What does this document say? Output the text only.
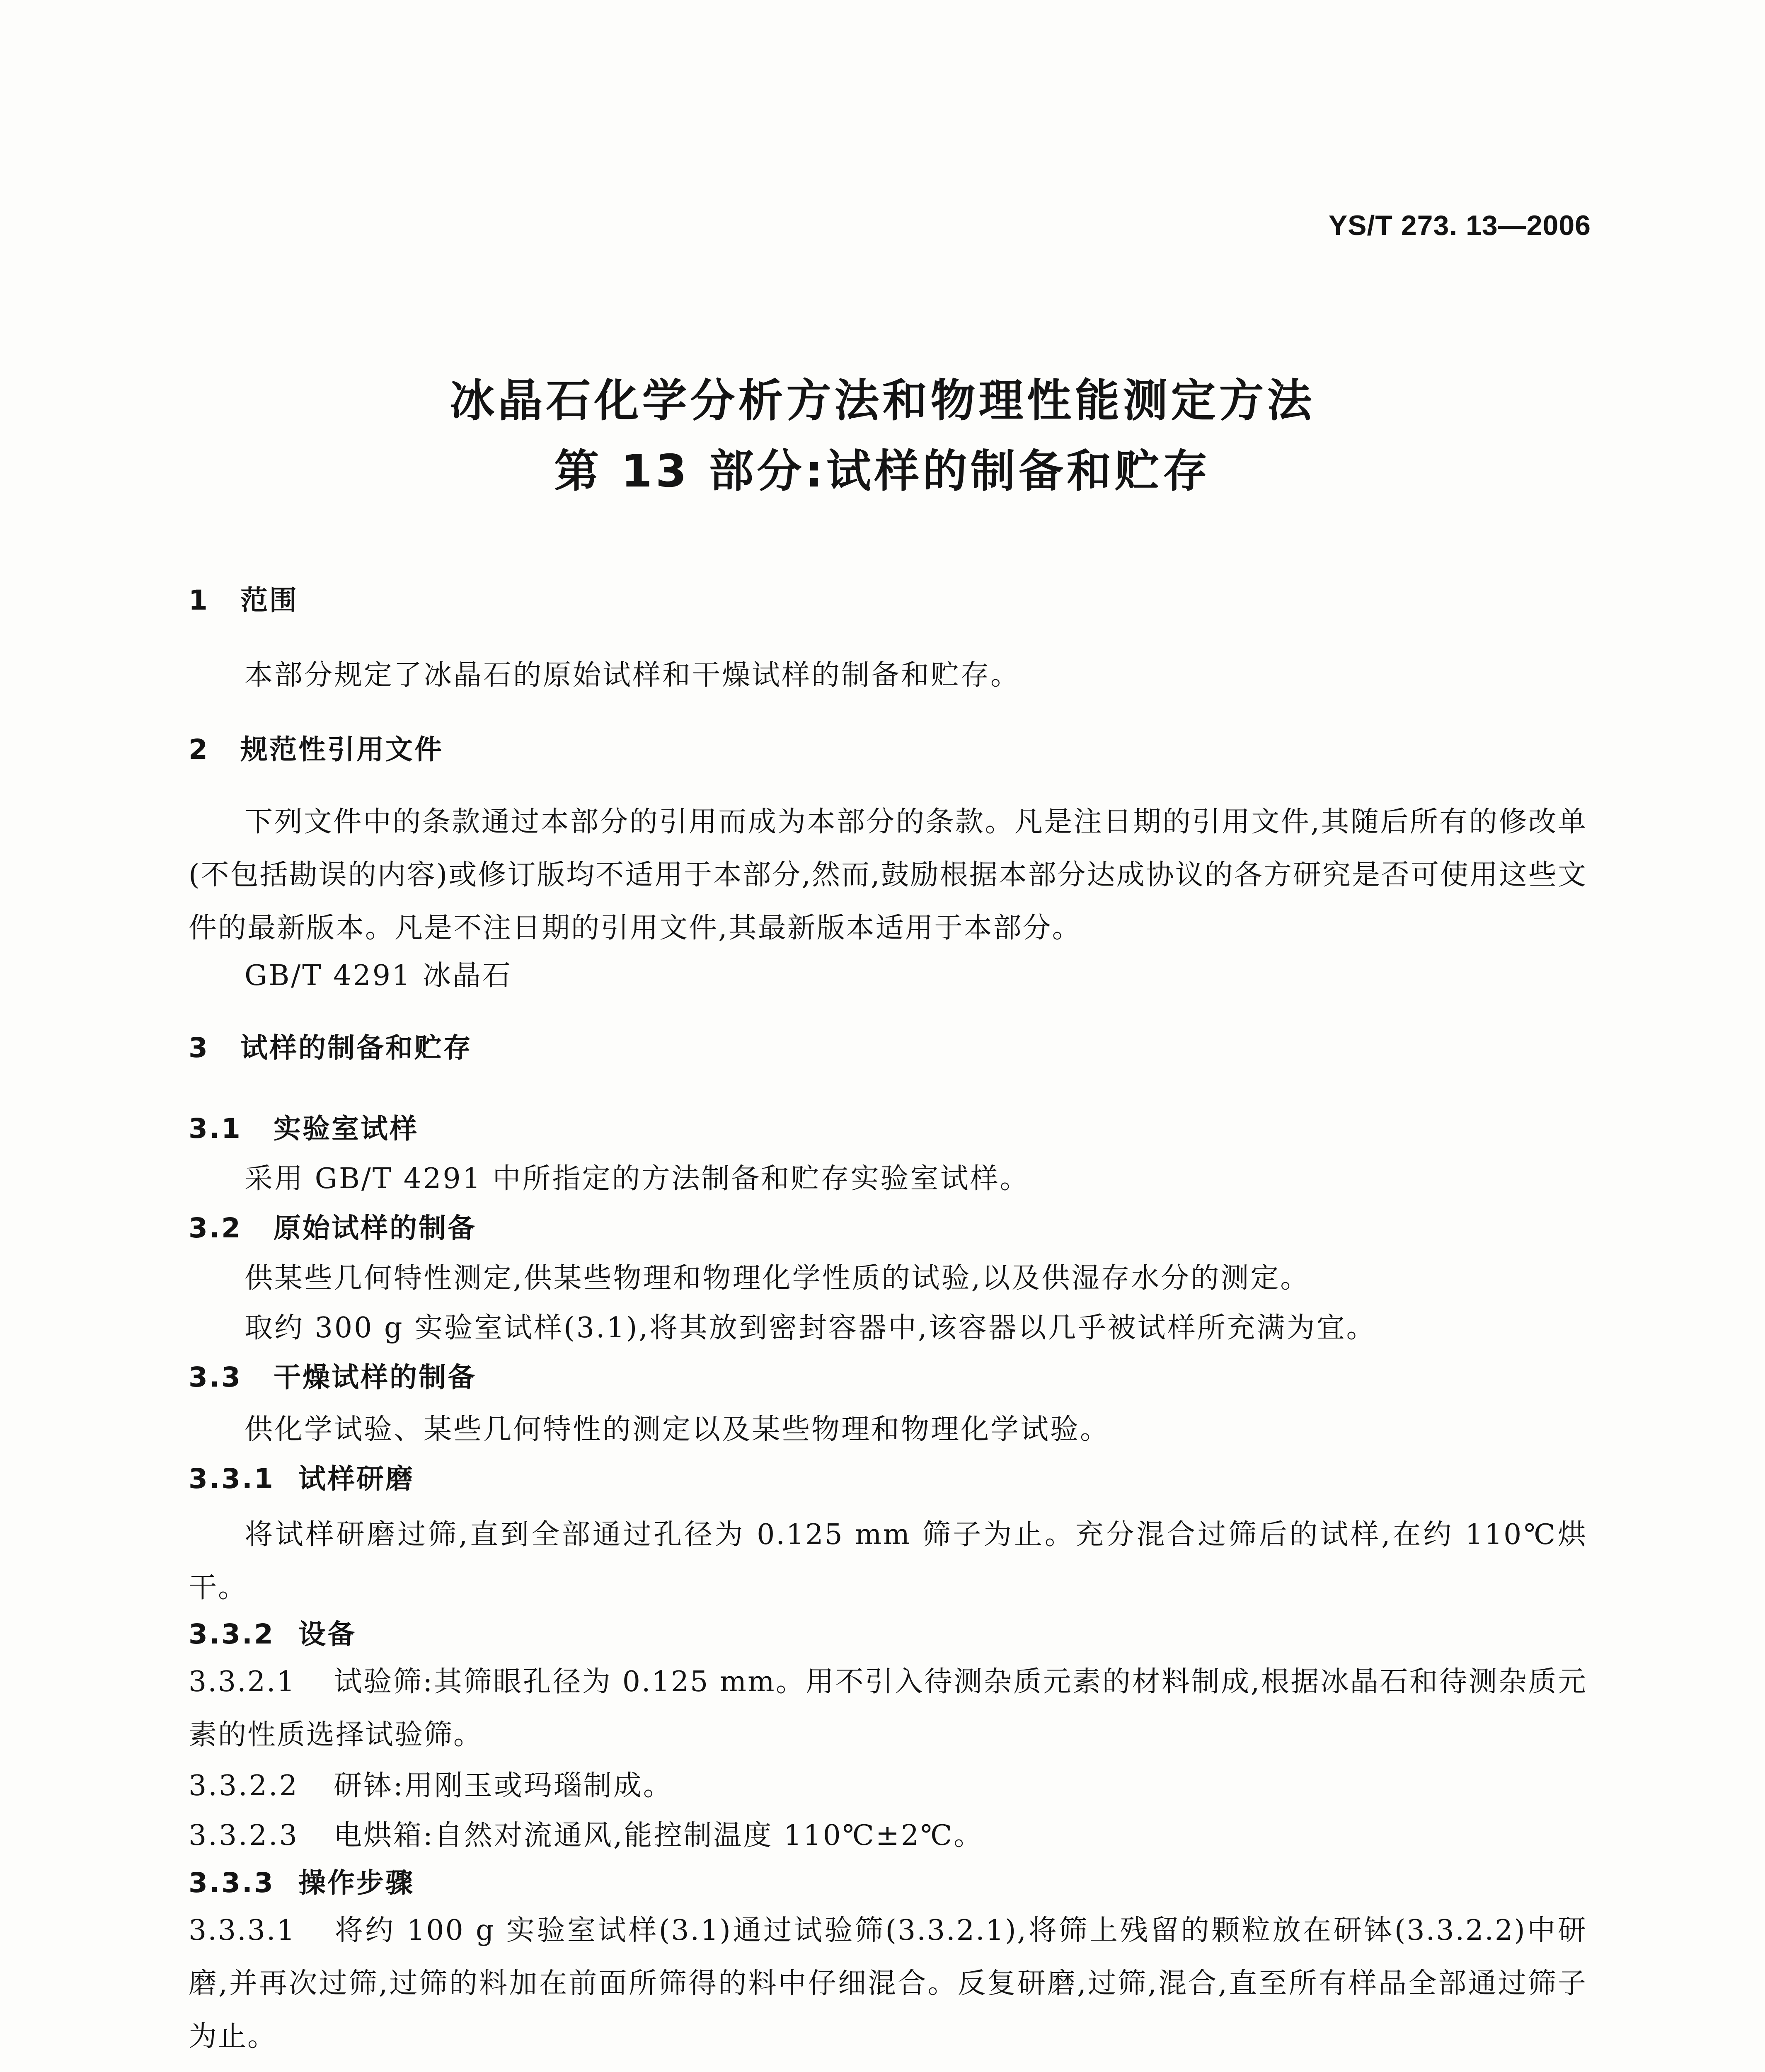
YS/T 273. 13—2006
冰晶石化学分析方法和物理性能测定方法
第 13 部分:试样的制备和贮存
1 范围
本部分规定了冰晶石的原始试样和干燥试样的制备和贮存。
2 规范性引用文件
下列文件中的条款通过本部分的引用而成为本部分的条款。凡是注日期的引用文件,其随后所有的修改单(不包括勘误的内容)或修订版均不适用于本部分,然而,鼓励根据本部分达成协议的各方研究是否可使用这些文件的最新版本。凡是不注日期的引用文件,其最新版本适用于本部分。
GB/T 4291 冰晶石
3 试样的制备和贮存
3.1 实验室试样
采用 GB/T 4291 中所指定的方法制备和贮存实验室试样。
3.2 原始试样的制备
供某些几何特性测定,供某些物理和物理化学性质的试验,以及供湿存水分的测定。
取约 300 g 实验室试样(3.1),将其放到密封容器中,该容器以几乎被试样所充满为宜。
3.3 干燥试样的制备
供化学试验、某些几何特性的测定以及某些物理和物理化学试验。
3.3.1 试样研磨
将试样研磨过筛,直到全部通过孔径为 0.125 mm 筛子为止。充分混合过筛后的试样,在约 110℃烘干。
3.3.2 设备
3.3.2.1 试验筛:其筛眼孔径为 0.125 mm。用不引入待测杂质元素的材料制成,根据冰晶石和待测杂质元素的性质选择试验筛。
3.3.2.2 研钵:用刚玉或玛瑙制成。
3.3.2.3 电烘箱:自然对流通风,能控制温度 110℃±2℃。
3.3.3 操作步骤
3.3.3.1 将约 100 g 实验室试样(3.1)通过试验筛(3.3.2.1),将筛上残留的颗粒放在研钵(3.3.2.2)中研磨,并再次过筛,过筛的料加在前面所筛得的料中仔细混合。反复研磨,过筛,混合,直至所有样品全部通过筛子为止。
